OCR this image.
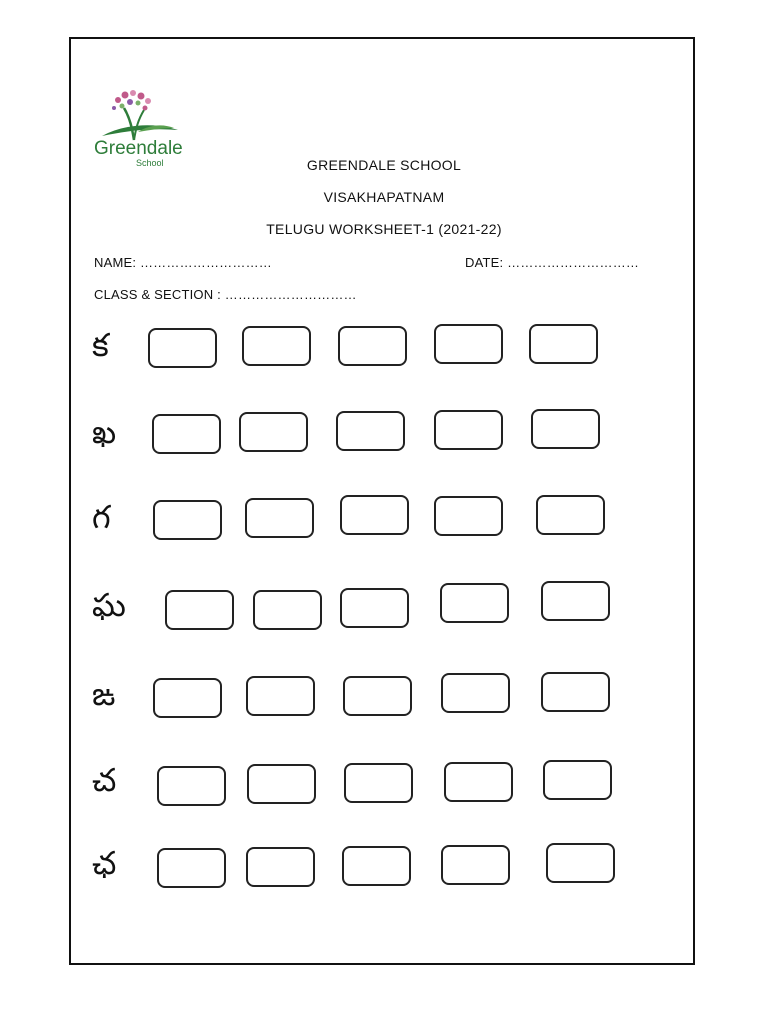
Greendale
School	GREENDALE SCHOOL
VISAKHAPATNAM
TELUGU WORKSHEET-1 (2021-22)
NAME: …………………………	DATE: …………………………
CLASS & SECTION : …………………………
క
ఖ
గ
ఘ
ఙ
చ
ఛ
